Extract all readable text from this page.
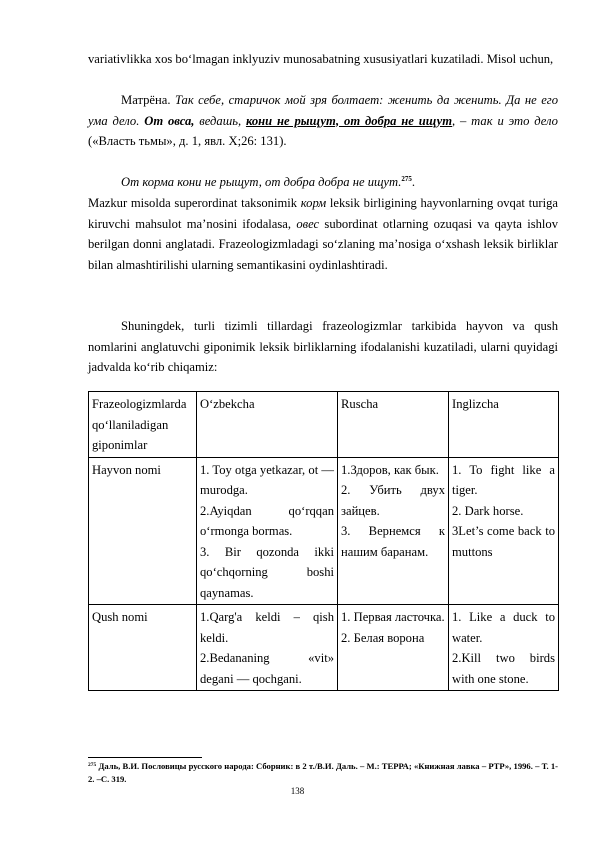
variativlikka xos bo‘lmagan inklyuziv munosabatning xususiyatlari kuzatiladi. Misol uchun,
Матрёна. Так себе, старичок мой зря болтает: женить да женить. Да не его ума дело. От овса, ведашь, кони не рыщут, от добра не ищут, – так и это дело («Власть тьмы», д. 1, явл. X;26: 131).
От корма кони не рыщут, от добра добра не ищут.$^{275}$.
Mazkur misolda superordinat taksonimik корм leksik birligining hayvonlarning ovqat turiga kiruvchi mahsulot ma’nosini ifodalasa, овес subordinat otlarning ozuqasi va qayta ishlov berilgan donni anglatadi. Frazeologizmladagi so‘zlaning ma’nosiga o‘xshash leksik birliklar bilan almashtirilishi ularning semantikasini oydinlashtiradi.
Shuningdek, turli tizimli tillardagi frazeologizmlar tarkibida hayvon va qush nomlarini anglatuvchi giponimik leksik birliklarning ifodalanishi kuzatiladi, ularni quyidagi jadvalda ko‘rib chiqamiz:
Frazeologizmlarda qo‘llaniladigan giponimlar	O‘zbekcha	Ruscha	Inglizcha
Hayvon nomi	1. Toy otga yetkazar, ot — murodga.
2.Ayiqdan qo‘rqqan o‘rmonga bormas.
3. Bir qozonda ikki qo‘chqorning boshi qaynamas.	1.Здоров, как бык.
2. Убить двух зайцев.
3. Вернемся к нашим баранам.	1. To fight like a tiger.
2. Dark horse.
3Let’s come back to muttons

Qush nomi	1.Qarg'a keldi – qish keldi.
2.Bedananing «vit» degani — qochgani.	1. Первая ласточка.
2. Белая ворона	1. Like a duck to water.
2.Kill two birds with one stone.
$^{275}$ Даль, В.И. Пословицы русского народа: Сборник: в 2 т./В.И. Даль. – М.: ТЕРРА; «Книжная лавка – РТР», 1996. – Т. 1-2. –С. 319.
138
